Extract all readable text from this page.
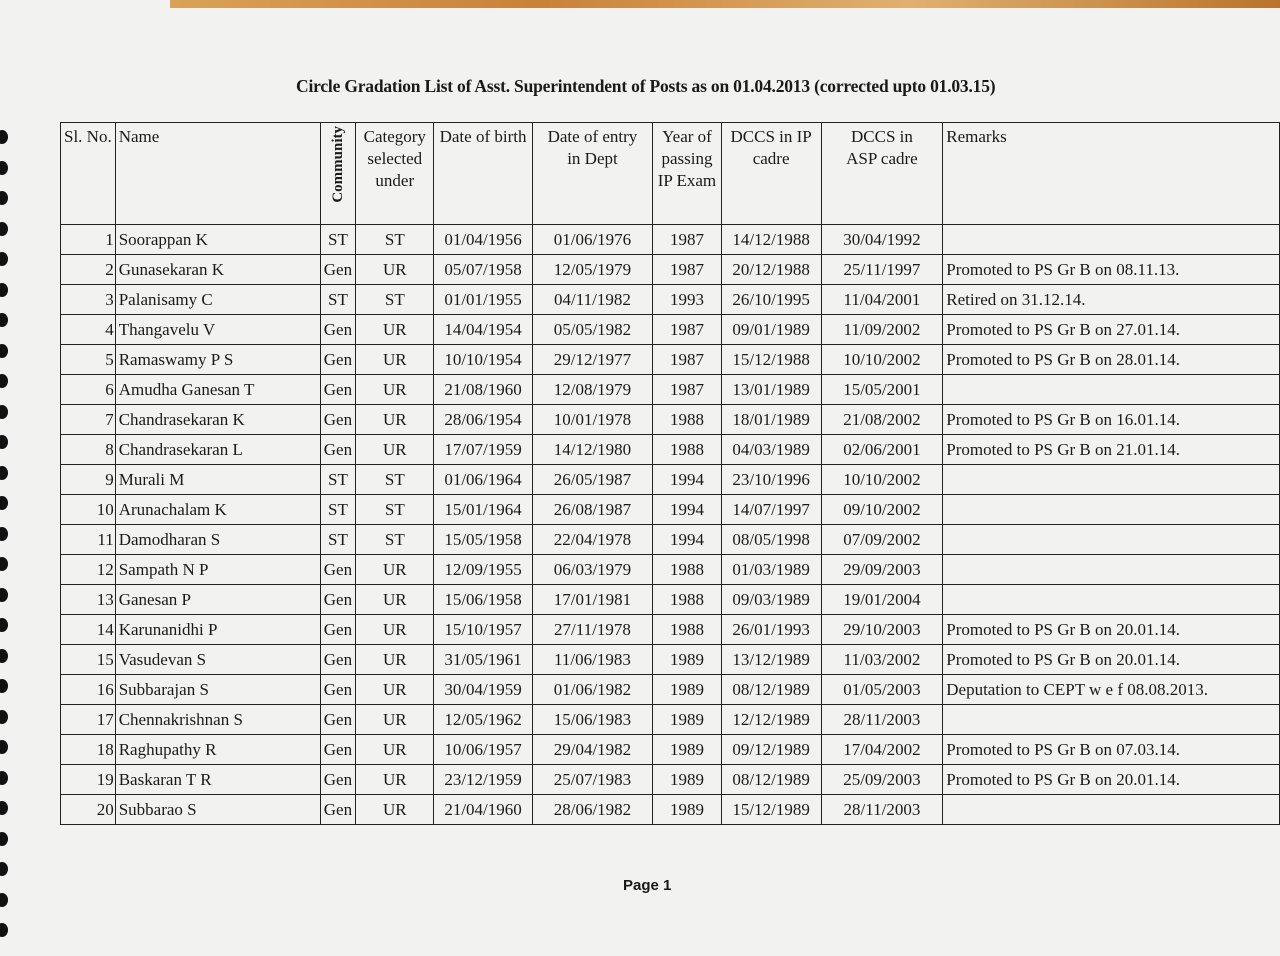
Circle Gradation List of Asst. Superintendent of Posts as on 01.04.2013 (corrected upto 01.03.15)
Sl. No.	Name	Community	Category selected under	Date of birth	Date of entry in Dept	Year of passing IP Exam	DCCS in IP cadre	DCCS in ASP cadre	Remarks
1	Soorappan K	ST	ST	01/04/1956	01/06/1976	1987	14/12/1988	30/04/1992	
2	Gunasekaran K	Gen	UR	05/07/1958	12/05/1979	1987	20/12/1988	25/11/1997	Promoted to PS Gr B on 08.11.13.
3	Palanisamy C	ST	ST	01/01/1955	04/11/1982	1993	26/10/1995	11/04/2001	Retired on 31.12.14.
4	Thangavelu V	Gen	UR	14/04/1954	05/05/1982	1987	09/01/1989	11/09/2002	Promoted to PS Gr B on 27.01.14.
5	Ramaswamy P S	Gen	UR	10/10/1954	29/12/1977	1987	15/12/1988	10/10/2002	Promoted to PS Gr B on 28.01.14.
6	Amudha Ganesan T	Gen	UR	21/08/1960	12/08/1979	1987	13/01/1989	15/05/2001	
7	Chandrasekaran K	Gen	UR	28/06/1954	10/01/1978	1988	18/01/1989	21/08/2002	Promoted to PS Gr B on 16.01.14.
8	Chandrasekaran L	Gen	UR	17/07/1959	14/12/1980	1988	04/03/1989	02/06/2001	Promoted to PS Gr B on 21.01.14.
9	Murali M	ST	ST	01/06/1964	26/05/1987	1994	23/10/1996	10/10/2002	
10	Arunachalam K	ST	ST	15/01/1964	26/08/1987	1994	14/07/1997	09/10/2002	
11	Damodharan S	ST	ST	15/05/1958	22/04/1978	1994	08/05/1998	07/09/2002	
12	Sampath N P	Gen	UR	12/09/1955	06/03/1979	1988	01/03/1989	29/09/2003	
13	Ganesan P	Gen	UR	15/06/1958	17/01/1981	1988	09/03/1989	19/01/2004	
14	Karunanidhi P	Gen	UR	15/10/1957	27/11/1978	1988	26/01/1993	29/10/2003	Promoted to PS Gr B on 20.01.14.
15	Vasudevan S	Gen	UR	31/05/1961	11/06/1983	1989	13/12/1989	11/03/2002	Promoted to PS Gr B on 20.01.14.
16	Subbarajan S	Gen	UR	30/04/1959	01/06/1982	1989	08/12/1989	01/05/2003	Deputation to CEPT w e f 08.08.2013.
17	Chennakrishnan S	Gen	UR	12/05/1962	15/06/1983	1989	12/12/1989	28/11/2003	
18	Raghupathy R	Gen	UR	10/06/1957	29/04/1982	1989	09/12/1989	17/04/2002	Promoted to PS Gr B on 07.03.14.
19	Baskaran T R	Gen	UR	23/12/1959	25/07/1983	1989	08/12/1989	25/09/2003	Promoted to PS Gr B on 20.01.14.
20	Subbarao S	Gen	UR	21/04/1960	28/06/1982	1989	15/12/1989	28/11/2003	
Page 1
